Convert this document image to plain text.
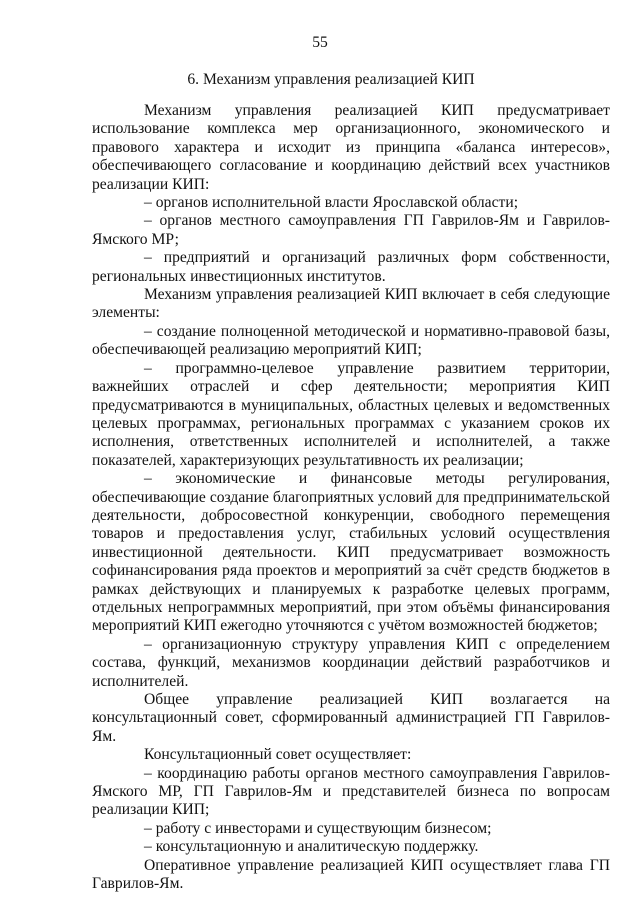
55
6. Механизм управления реализацией КИП

Механизм управления реализацией КИП предусматривает использование комплекса мер организационного, экономического и правового характера и исходит из принципа «баланса интересов», обеспечивающего согласование и координацию действий всех участников реализации КИП:

– органов исполнительной власти Ярославской области;

– органов местного самоуправления ГП Гаврилов-Ям и Гаврилов-Ямского МР;

– предприятий и организаций различных форм собственности, региональных инвестиционных институтов.

Механизм управления реализацией КИП включает в себя следующие элементы:

– создание полноценной методической и нормативно-правовой базы, обеспечивающей реализацию мероприятий КИП;

– программно-целевое управление развитием территории, важнейших отраслей и сфер деятельности; мероприятия КИП предусматриваются в муниципальных, областных целевых и ведомственных целевых программах, региональных программах с указанием сроков их исполнения, ответственных исполнителей и исполнителей, а также показателей, характеризующих результативность их реализации;

– экономические и финансовые методы регулирования, обеспечивающие создание благоприятных условий для предпринимательской деятельности, добросовестной конкуренции, свободного перемещения товаров и предоставления услуг, стабильных условий осуществления инвестиционной деятельности. КИП предусматривает возможность софинансирования ряда проектов и мероприятий за счёт средств бюджетов в рамках действующих и планируемых к разработке целевых программ, отдельных непрограммных мероприятий, при этом объёмы финансирования мероприятий КИП ежегодно уточняются с учётом возможностей бюджетов;

– организационную структуру управления КИП с определением состава, функций, механизмов координации действий разработчиков и исполнителей.

Общее управление реализацией КИП возлагается на консультационный совет, сформированный администрацией ГП Гаврилов-Ям.

Консультационный совет осуществляет:

– координацию работы органов местного самоуправления Гаврилов-Ямского МР, ГП Гаврилов-Ям и представителей бизнеса по вопросам реализации КИП;

– работу с инвесторами и существующим бизнесом;

– консультационную и аналитическую поддержку.

Оперативное управление реализацией КИП осуществляет глава ГП Гаврилов-Ям.
